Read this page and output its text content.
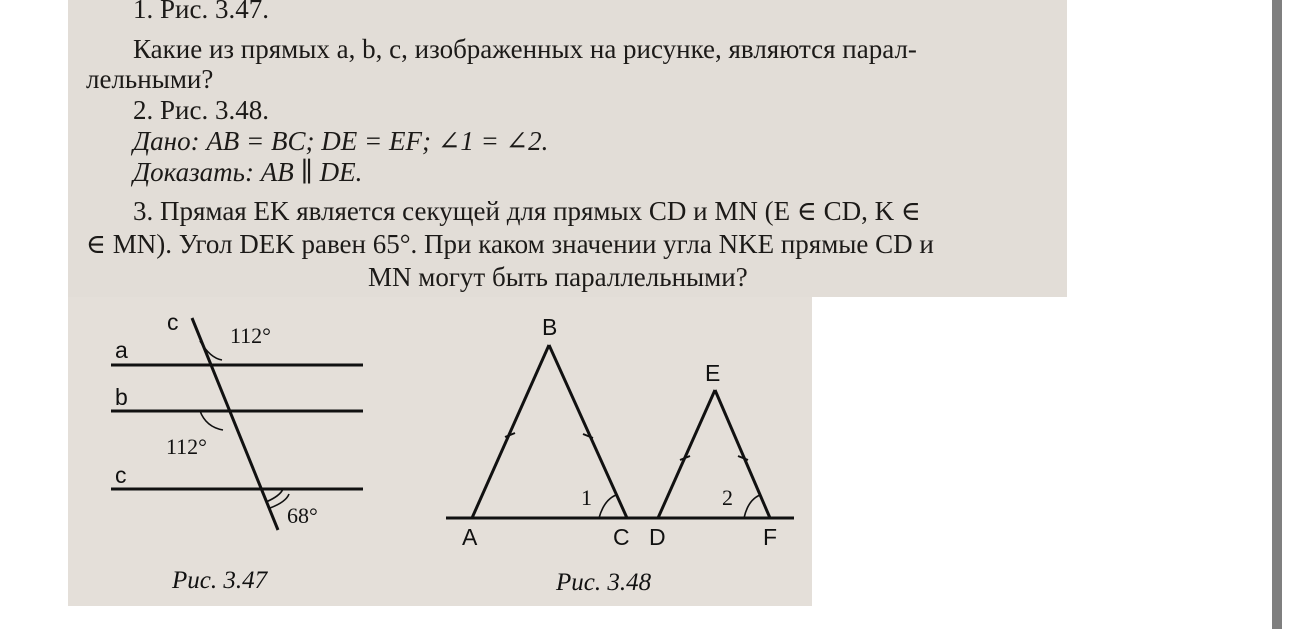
1. Рис. 3.47.
Какие из прямых a, b, c, изображенных на рисунке, являются парал-
лельными?
2. Рис. 3.48.
Дано: AB = BC; DE = EF; ∠1 = ∠2.
Доказать: AB ∥ DE.
3. Прямая EK является секущей для прямых CD и MN (E ∈ CD, K ∈
∈ MN). Угол DEK равен 65°. При каком значении угла NKE прямые CD и
MN могут быть параллельными?
c
a
b
c
112°
112°
68°
Рис. 3.47
B
E
A	C D	F
1	2
Рис. 3.48
